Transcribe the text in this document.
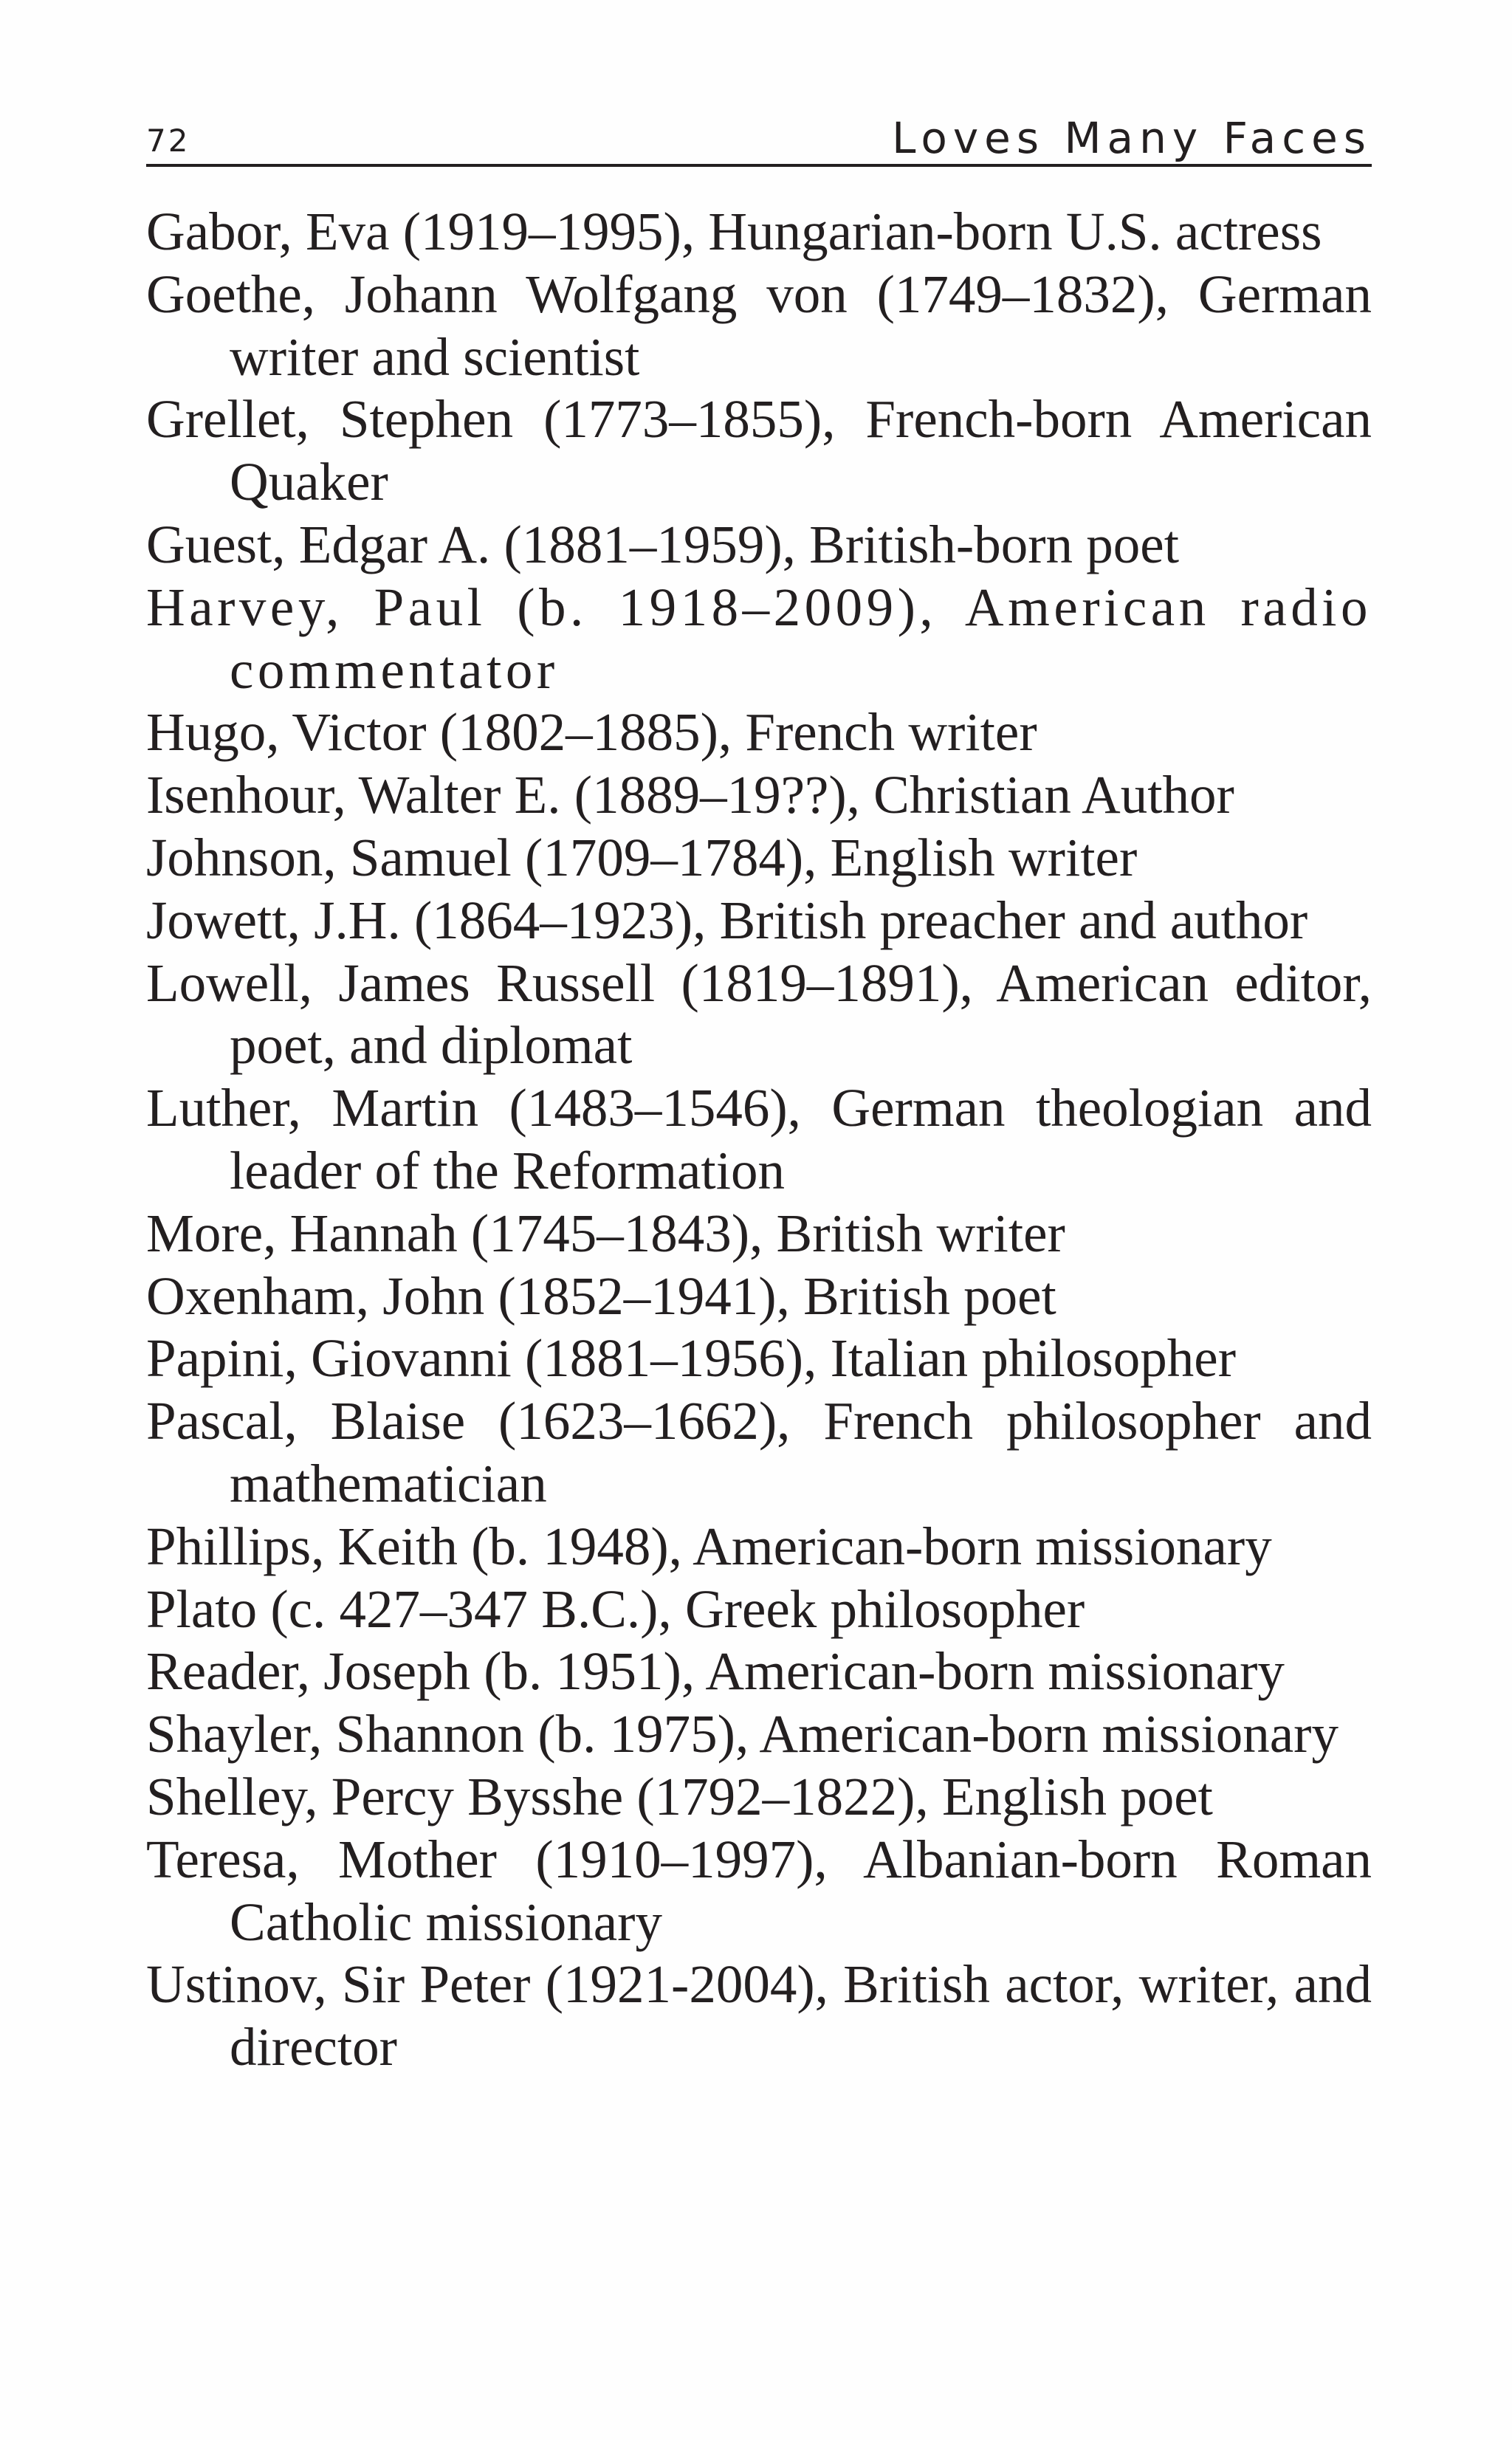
72	Loves Many Faces
Gabor, Eva (1919–1995), Hungarian-born U.S. actress
Goethe, Johann Wolfgang von (1749–1832), German writer and scientist
Grellet, Stephen (1773–1855), French-born American Quaker
Guest, Edgar A. (1881–1959), British-born poet
Harvey, Paul (b. 1918–2009), American radio commentator
Hugo, Victor (1802–1885), French writer
Isenhour, Walter E. (1889–19??), Christian Author
Johnson, Samuel (1709–1784), English writer
Jowett, J.H. (1864–1923), British preacher and author
Lowell, James Russell (1819–1891), American editor, poet, and diplomat
Luther, Martin (1483–1546), German theologian and leader of the Reformation
More, Hannah (1745–1843), British writer
Oxenham, John (1852–1941), British poet
Papini, Giovanni (1881–1956), Italian philosopher
Pascal, Blaise (1623–1662), French philosopher and mathematician
Phillips, Keith (b. 1948), American-born missionary
Plato (c. 427–347 B.C.), Greek philosopher
Reader, Joseph (b. 1951), American-born missionary
Shayler, Shannon (b. 1975), American-born missionary
Shelley, Percy Bysshe (1792–1822), English poet
Teresa, Mother (1910–1997), Albanian-born Roman Catholic missionary
Ustinov, Sir Peter (1921-2004), British actor, writer, and director
